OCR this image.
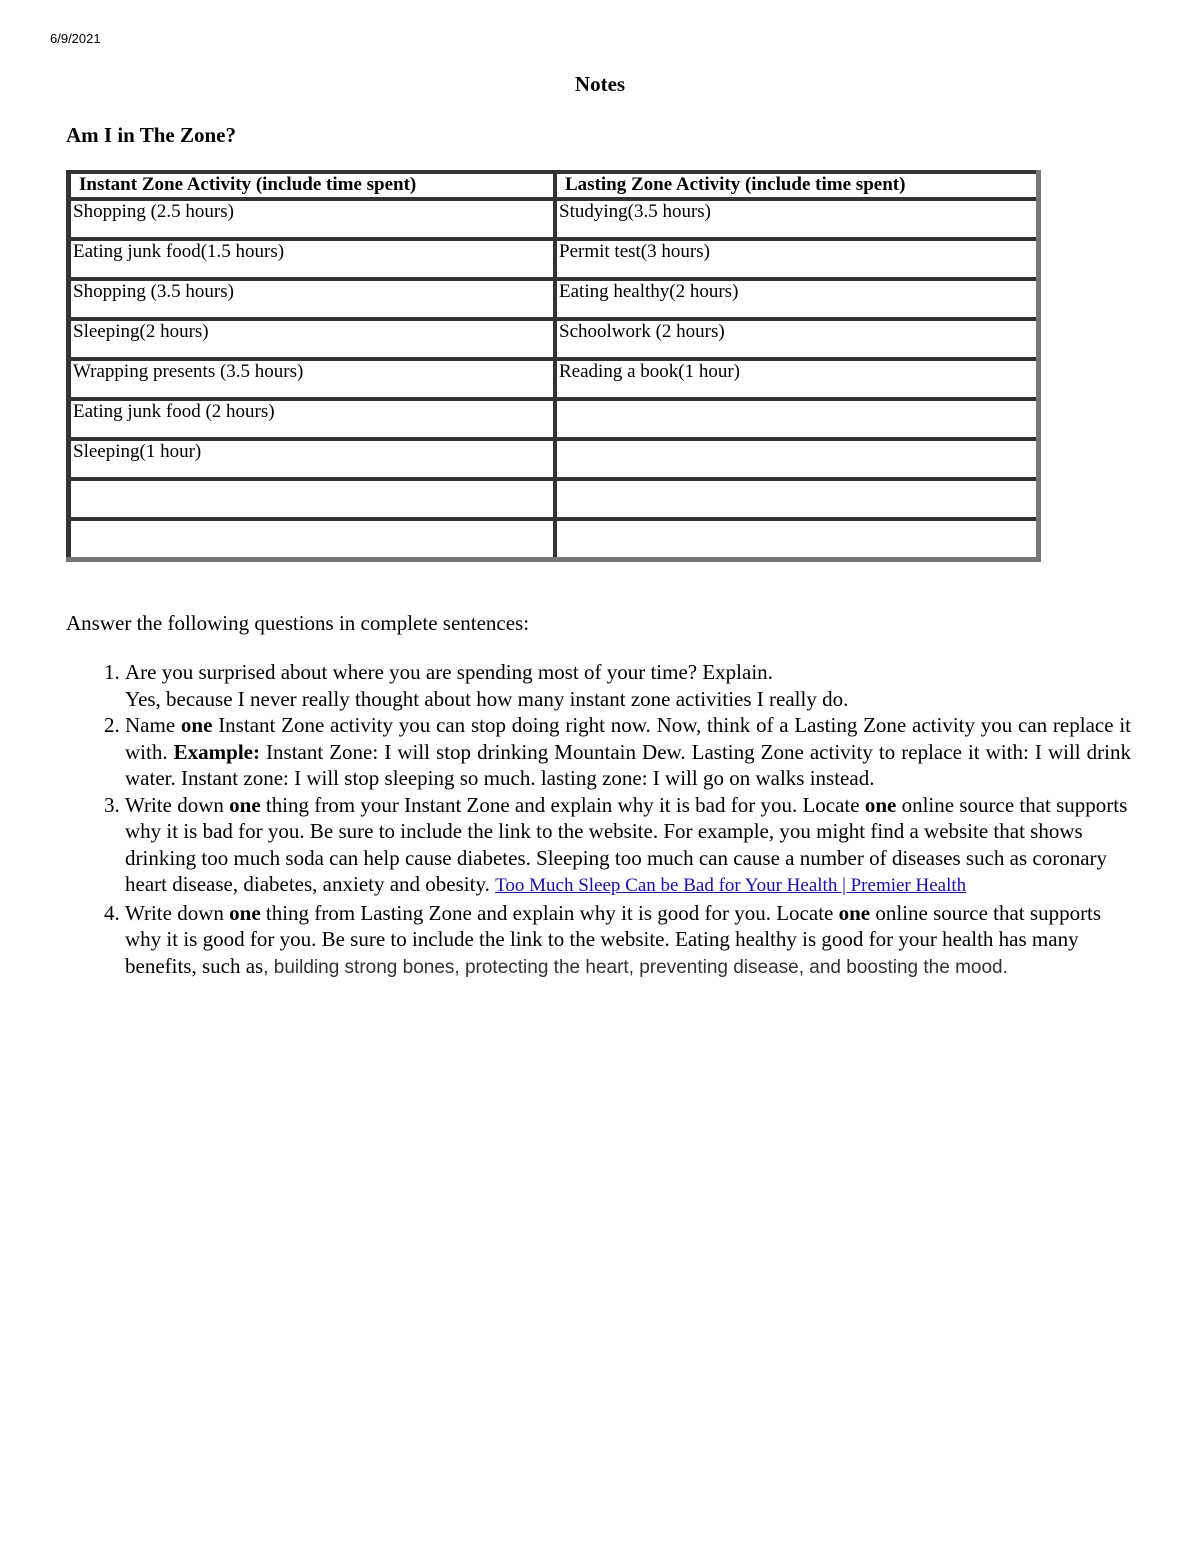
6/9/2021
Notes
Am I in The Zone?
Instant Zone Activity (include time spent)	Lasting Zone Activity (include time spent)
Shopping (2.5 hours)	Studying(3.5 hours)
Eating junk food(1.5 hours)	Permit test(3 hours)
Shopping (3.5 hours)	Eating healthy(2 hours)
Sleeping(2 hours)	Schoolwork (2 hours)
Wrapping presents (3.5 hours)	Reading a book(1 hour)
Eating junk food (2 hours)	
Sleeping(1 hour)	

Answer the following questions in complete sentences:
1. Are you surprised about where you are spending most of your time? Explain.
Yes, because I never really thought about how many instant zone activities I really do.
2. Name one Instant Zone activity you can stop doing right now. Now, think of a Lasting Zone activity you can replace it with. Example: Instant Zone: I will stop drinking Mountain Dew. Lasting Zone activity to replace it with: I will drink water. Instant zone: I will stop sleeping so much. lasting zone: I will go on walks instead.
3. Write down one thing from your Instant Zone and explain why it is bad for you. Locate one online source that supports why it is bad for you. Be sure to include the link to the website. For example, you might find a website that shows drinking too much soda can help cause diabetes. Sleeping too much can cause a number of diseases such as coronary heart disease, diabetes, anxiety and obesity. Too Much Sleep Can be Bad for Your Health | Premier Health
4. Write down one thing from Lasting Zone and explain why it is good for you. Locate one online source that supports why it is good for you. Be sure to include the link to the website. Eating healthy is good for your health has many benefits, such as, building strong bones, protecting the heart, preventing disease, and boosting the mood.
